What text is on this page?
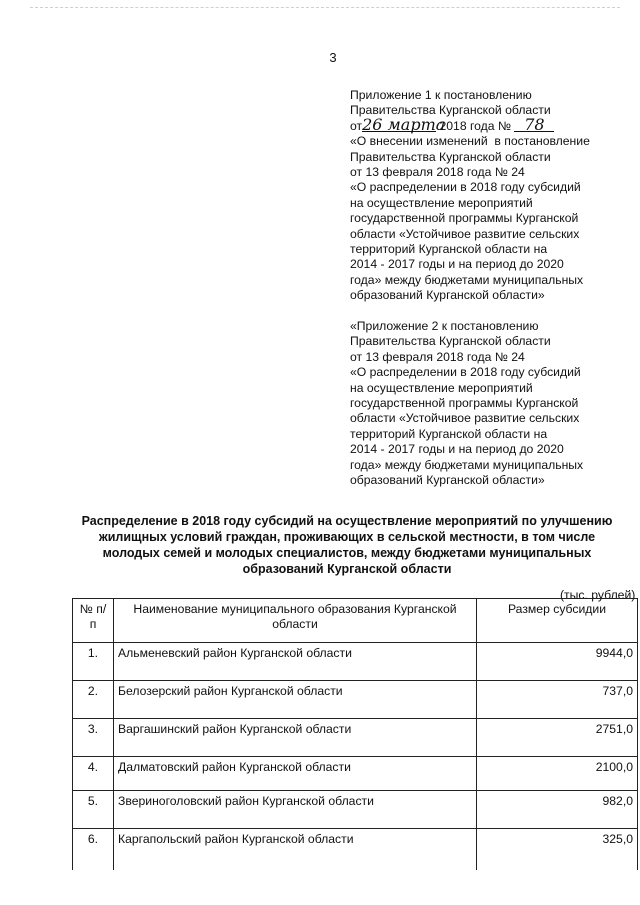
3
Приложение 1 к постановлению
Правительства Курганской области
от26 марта 2018 года № 78
«О внесении изменений  в постановление
Правительства Курганской области
от 13 февраля 2018 года № 24
«О распределении в 2018 году субсидий
на осуществление мероприятий
государственной программы Курганской
области «Устойчивое развитие сельских
территорий Курганской области на
2014 - 2017 годы и на период до 2020
года» между бюджетами муниципальных
образований Курганской области»
«Приложение 2 к постановлению
Правительства Курганской области
от 13 февраля 2018 года № 24
«О распределении в 2018 году субсидий
на осуществление мероприятий
государственной программы Курганской
области «Устойчивое развитие сельских
территорий Курганской области на
2014 - 2017 годы и на период до 2020
года» между бюджетами муниципальных
образований Курганской области»
Распределение в 2018 году субсидий на осуществление мероприятий по улучшению жилищных условий граждан, проживающих в сельской местности, в том числе молодых семей и молодых специалистов, между бюджетами муниципальных образований Курганской области
(тыс. рублей)
№ п/п	Наименование муниципального образования Курганской области	Размер субсидии
1.	Альменевский район Курганской области	9944,0
2.	Белозерский район Курганской области	737,0
3.	Варгашинский район Курганской области	2751,0
4.	Далматовский район Курганской области	2100,0
5.	Звериноголовский район Курганской области	982,0
6.	Каргапольский район Курганской области	325,0
